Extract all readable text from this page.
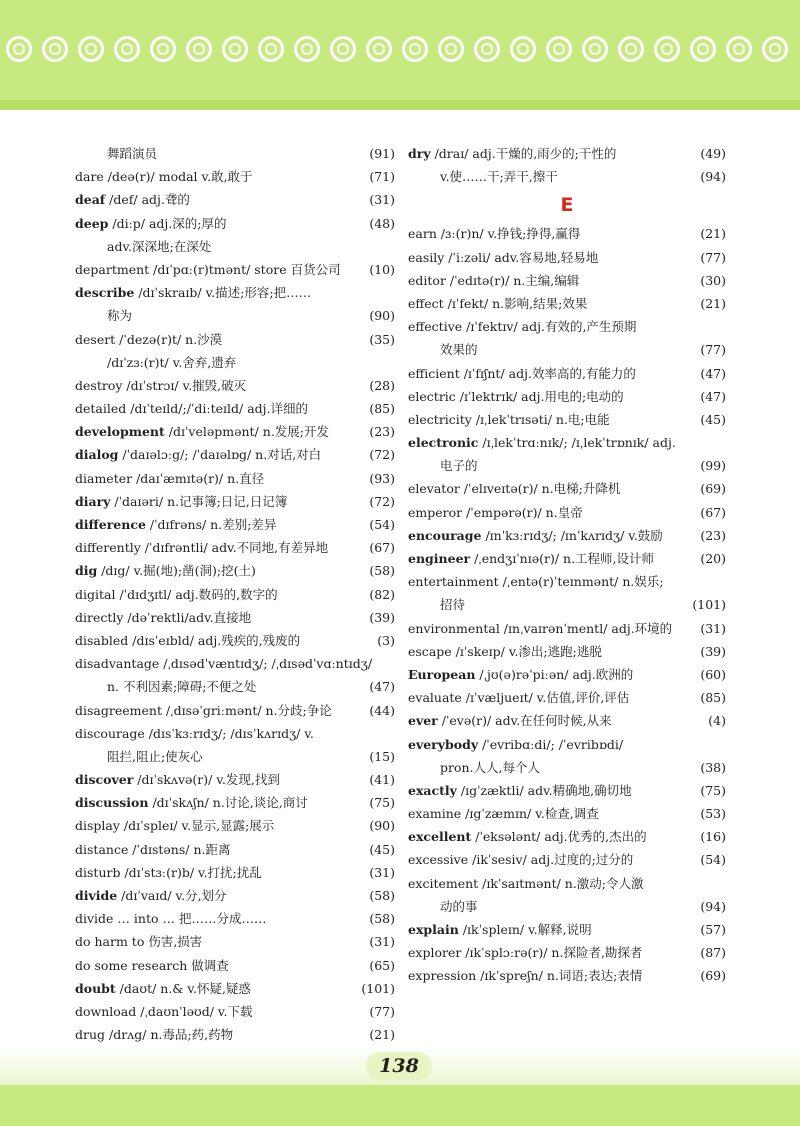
舞蹈演员	(91)
dare /deə(r)/ modal v.敢,敢于	(71)
deaf /def/ adj.聋的	(31)
deep /diːp/ adj.深的;厚的	(48)
adv.深深地;在深处
department /dɪˈpɑː(r)tmənt/ store 百货公司	(10)
describe /dɪˈskraɪb/ v.描述;形容;把……
称为	(90)
desert /ˈdezə(r)t/ n.沙漠	(35)
/dɪˈzɜː(r)t/ v.舍弃,遗弃
destroy /dɪˈstrɔɪ/ v.摧毁,破灭	(28)
detailed /dɪˈteɪld/;/ˈdiːteɪld/ adj.详细的	(85)
development /dɪˈveləpmənt/ n.发展;开发	(23)
dialog /ˈdaɪəlɔːg/; /ˈdaɪəlɒg/ n.对话,对白	(72)
diameter /daɪˈæmɪtə(r)/ n.直径	(93)
diary /ˈdaɪəri/ n.记事簿;日记,日记簿	(72)
difference /ˈdɪfrəns/ n.差别;差异	(54)
differently /ˈdɪfrəntli/ adv.不同地,有差异地	(67)
dig /dɪg/ v.掘(地);凿(洞);挖(土)	(58)
digital /ˈdɪdʒɪtl/ adj.数码的,数字的	(82)
directly /dəˈrektli/adv.直接地	(39)
disabled /dɪsˈeɪbld/ adj.残疾的,残废的	(3)
disadvantage /ˌdɪsədˈvæntɪdʒ/; /ˌdɪsədˈvɑːntɪdʒ/
n. 不利因素;障碍;不便之处	(47)
disagreement /ˌdɪsəˈgriːmənt/ n.分歧;争论	(44)
discourage /dɪsˈkɜːrɪdʒ/; /dɪsˈkʌrɪdʒ/ v.
阻拦,阻止;使灰心	(15)
discover /dɪˈskʌvə(r)/ v.发现,找到	(41)
discussion /dɪˈskʌʃn/ n.讨论,谈论,商讨	(75)
display /dɪˈspleɪ/ v.显示,显露;展示	(90)
distance /ˈdɪstəns/ n.距离	(45)
disturb /dɪˈstɜː(r)b/ v.打扰;扰乱	(31)
divide /dɪˈvaɪd/ v.分,划分	(58)
divide … into … 把……分成……	(58)
do harm to 伤害,损害	(31)
do some research 做调查	(65)
doubt /daʊt/ n.& v.怀疑,疑惑	(101)
download /ˌdaʊnˈləʊd/ v.下载	(77)
drug /drʌg/ n.毒品;药,药物	(21)
dry /draɪ/ adj.干燥的,雨少的;干性的	(49)
v.使……干;弄干,擦干	(94)
E
earn /ɜː(r)n/ v.挣钱;挣得,赢得	(21)
easily /ˈiːzəli/ adv.容易地,轻易地	(77)
editor /ˈedɪtə(r)/ n.主编,编辑	(30)
effect /ɪˈfekt/ n.影响,结果;效果	(21)
effective /ɪˈfektɪv/ adj.有效的,产生预期
效果的	(77)
efficient /ɪˈfɪʃnt/ adj.效率高的,有能力的	(47)
electric /ɪˈlektrɪk/ adj.用电的;电动的	(47)
electricity /ɪˌlekˈtrɪsəti/ n.电;电能	(45)
electronic /ɪˌlekˈtrɑːnɪk/; /ɪˌlekˈtrɒnɪk/ adj.
电子的	(99)
elevator /ˈelɪveɪtə(r)/ n.电梯;升降机	(69)
emperor /ˈempərə(r)/ n.皇帝	(67)
encourage /ɪnˈkɜːrɪdʒ/; /ɪnˈkʌrɪdʒ/ v.鼓励	(23)
engineer /ˌendʒɪˈnɪə(r)/ n.工程师,设计师	(20)
entertainment /ˌentə(r)ˈteɪnmənt/ n.娱乐;
招待	(101)
environmental /ɪnˌvaɪrənˈmentl/ adj.环境的	(31)
escape /ɪˈskeɪp/ v.渗出;逃跑;逃脱	(39)
European /ˌjʊ(ə)rəˈpiːən/ adj.欧洲的	(60)
evaluate /ɪˈvæljueɪt/ v.估值,评价,评估	(85)
ever /ˈevə(r)/ adv.在任何时候,从来	(4)
everybody /ˈevribɑːdi/; /ˈevribɒdi/
pron.人人,每个人	(38)
exactly /ɪgˈzæktli/ adv.精确地,确切地	(75)
examine /ɪgˈzæmɪn/ v.检查,调查	(53)
excellent /ˈeksələnt/ adj.优秀的,杰出的	(16)
excessive /ikˈsesiv/ adj.过度的;过分的	(54)
excitement /ɪkˈsaɪtmənt/ n.激动;令人激
动的事	(94)
explain /ɪkˈspleɪn/ v.解释,说明	(57)
explorer /ɪkˈsplɔːrə(r)/ n.探险者,勘探者	(87)
expression /ɪkˈspreʃn/ n.词语;表达;表情	(69)
138
